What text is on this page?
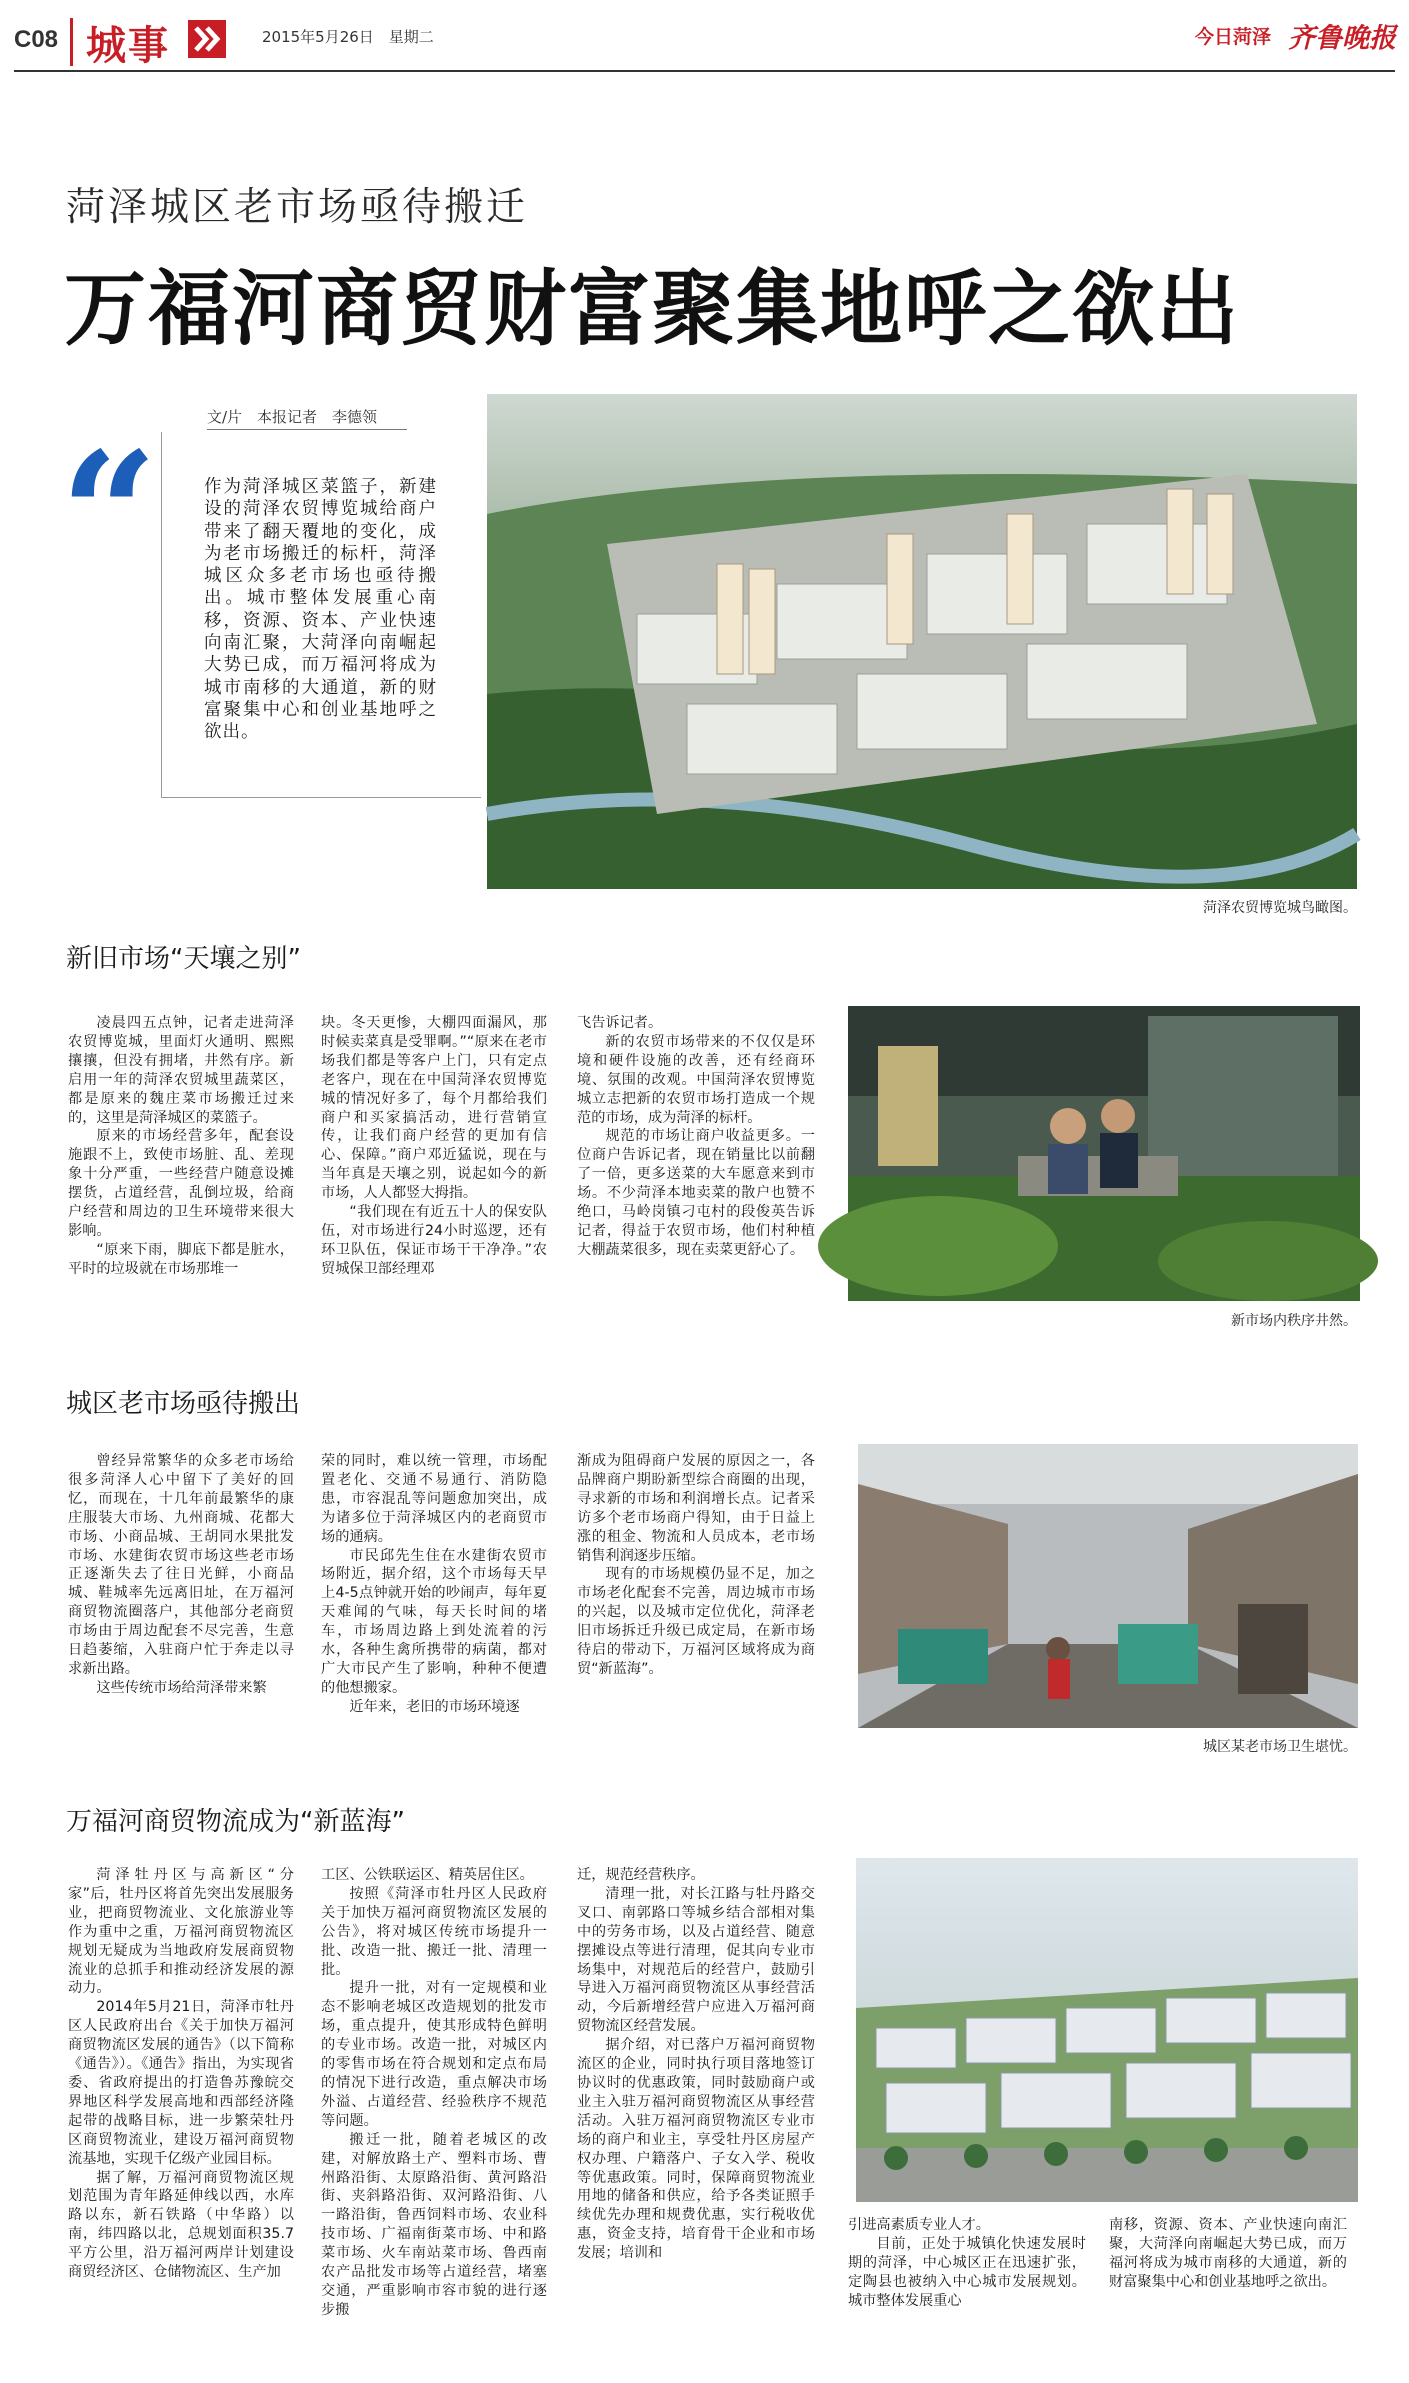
C08 城事	2015年5月26日　星期二	今日菏泽 齐鲁晚报
菏泽城区老市场亟待搬迁
万福河商贸财富聚集地呼之欲出
文/片　本报记者　李德领
“	作为菏泽城区菜篮子，新建设的菏泽农贸博览城给商户带来了翻天覆地的变化，成为老市场搬迁的标杆，菏泽城区众多老市场也亟待搬出。城市整体发展重心南移，资源、资本、产业快速向南汇聚，大菏泽向南崛起大势已成，而万福河将成为城市南移的大通道，新的财富聚集中心和创业基地呼之欲出。
菏泽农贸博览城鸟瞰图。
新旧市场“天壤之别”

凌晨四五点钟，记者走进菏泽农贸博览城，里面灯火通明、熙熙攘攘，但没有拥堵，井然有序。新启用一年的菏泽农贸城里蔬菜区，都是原来的魏庄菜市场搬迁过来的，这里是菏泽城区的菜篮子。

原来的市场经营多年，配套设施跟不上，致使市场脏、乱、差现象十分严重，一些经营户随意设摊摆货，占道经营，乱倒垃圾，给商户经营和周边的卫生环境带来很大影响。

“原来下雨，脚底下都是脏水，平时的垃圾就在市场那堆一

块。冬天更惨，大棚四面漏风，那时候卖菜真是受罪啊。”“原来在老市场我们都是等客户上门，只有定点老客户，现在在中国菏泽农贸博览城的情况好多了，每个月都给我们商户和买家搞活动，进行营销宣传，让我们商户经营的更加有信心、保障。”商户邓近猛说，现在与当年真是天壤之别，说起如今的新市场，人人都竖大拇指。

“我们现在有近五十人的保安队伍，对市场进行24小时巡逻，还有环卫队伍，保证市场干干净净。”农贸城保卫部经理邓

飞告诉记者。

新的农贸市场带来的不仅仅是环境和硬件设施的改善，还有经商环境、氛围的改观。中国菏泽农贸博览城立志把新的农贸市场打造成一个规范的市场，成为菏泽的标杆。

规范的市场让商户收益更多。一位商户告诉记者，现在销量比以前翻了一倍，更多送菜的大车愿意来到市场。不少菏泽本地卖菜的散户也赞不绝口，马岭岗镇刁屯村的段俊英告诉记者，得益于农贸市场，他们村种植大棚蔬菜很多，现在卖菜更舒心了。

新市场内秩序井然。
城区老市场亟待搬出

曾经异常繁华的众多老市场给很多菏泽人心中留下了美好的回忆，而现在，十几年前最繁华的康庄服装大市场、九州商城、花都大市场、小商品城、王胡同水果批发市场、水建街农贸市场这些老市场正逐渐失去了往日光鲜，小商品城、鞋城率先远离旧址，在万福河商贸物流圈落户，其他部分老商贸市场由于周边配套不尽完善，生意日趋萎缩，入驻商户忙于奔走以寻求新出路。

这些传统市场给菏泽带来繁

荣的同时，难以统一管理，市场配置老化、交通不易通行、消防隐患，市容混乱等问题愈加突出，成为诸多位于菏泽城区内的老商贸市场的通病。

市民邱先生住在水建街农贸市场附近，据介绍，这个市场每天早上4-5点钟就开始的吵闹声，每年夏天难闻的气味，每天长时间的堵车，市场周边路上到处流着的污水，各种生禽所携带的病菌，都对广大市民产生了影响，种种不便遭的他想搬家。

近年来，老旧的市场环境逐

渐成为阻碍商户发展的原因之一，各品牌商户期盼新型综合商圈的出现，寻求新的市场和利润增长点。记者采访多个老市场商户得知，由于日益上涨的租金、物流和人员成本，老市场销售利润逐步压缩。

现有的市场规模仍显不足，加之市场老化配套不完善，周边城市市场的兴起，以及城市定位优化，菏泽老旧市场拆迁升级已成定局，在新市场待启的带动下，万福河区域将成为商贸“新蓝海”。

城区某老市场卫生堪忧。
万福河商贸物流成为“新蓝海”

菏泽牡丹区与高新区“分家”后，牡丹区将首先突出发展服务业，把商贸物流业、文化旅游业等作为重中之重，万福河商贸物流区规划无疑成为当地政府发展商贸物流业的总抓手和推动经济发展的源动力。

2014年5月21日，菏泽市牡丹区人民政府出台《关于加快万福河商贸物流区发展的通告》（以下简称《通告》）。《通告》指出，为实现省委、省政府提出的打造鲁苏豫皖交界地区科学发展高地和西部经济隆起带的战略目标，进一步繁荣牡丹区商贸物流业，建设万福河商贸物流基地，实现千亿级产业园目标。

据了解，万福河商贸物流区规划范围为青年路延伸线以西，水库路以东，新石铁路（中华路）以南，纬四路以北，总规划面积35.7平方公里，沿万福河两岸计划建设商贸经济区、仓储物流区、生产加

工区、公铁联运区、精英居住区。

按照《菏泽市牡丹区人民政府关于加快万福河商贸物流区发展的公告》，将对城区传统市场提升一批、改造一批、搬迁一批、清理一批。

提升一批，对有一定规模和业态不影响老城区改造规划的批发市场，重点提升，使其形成特色鲜明的专业市场。改造一批，对城区内的零售市场在符合规划和定点布局的情况下进行改造，重点解决市场外溢、占道经营、经验秩序不规范等问题。

搬迁一批，随着老城区的改建，对解放路土产、塑料市场、曹州路沿街、太原路沿街、黄河路沿街、夹斜路沿街、双河路沿街、八一路沿街，鲁西饲料市场、农业科技市场、广福南街菜市场、中和路菜市场、火车南站菜市场、鲁西南农产品批发市场等占道经营，堵塞交通，严重影响市容市貌的进行逐步搬

迁，规范经营秩序。

清理一批，对长江路与牡丹路交叉口、南郭路口等城乡结合部相对集中的劳务市场，以及占道经营、随意摆摊设点等进行清理，促其向专业市场集中，对规范后的经营户，鼓励引导进入万福河商贸物流区从事经营活动，今后新增经营户应进入万福河商贸物流区经营发展。

据介绍，对已落户万福河商贸物流区的企业，同时执行项目落地签订协议时的优惠政策，同时鼓励商户或业主入驻万福河商贸物流区从事经营活动。入驻万福河商贸物流区专业市场的商户和业主，享受牡丹区房屋产权办理、户籍落户、子女入学、税收等优惠政策。同时，保障商贸物流业用地的储备和供应，给予各类证照手续优先办理和规费优惠，实行税收优惠，资金支持，培育骨干企业和市场发展；培训和

引进高素质专业人才。

目前，正处于城镇化快速发展时期的菏泽，中心城区正在迅速扩张，定陶县也被纳入中心城市发展规划。城市整体发展重心

南移，资源、资本、产业快速向南汇聚，大菏泽向南崛起大势已成，而万福河将成为城市南移的大通道，新的财富聚集中心和创业基地呼之欲出。
